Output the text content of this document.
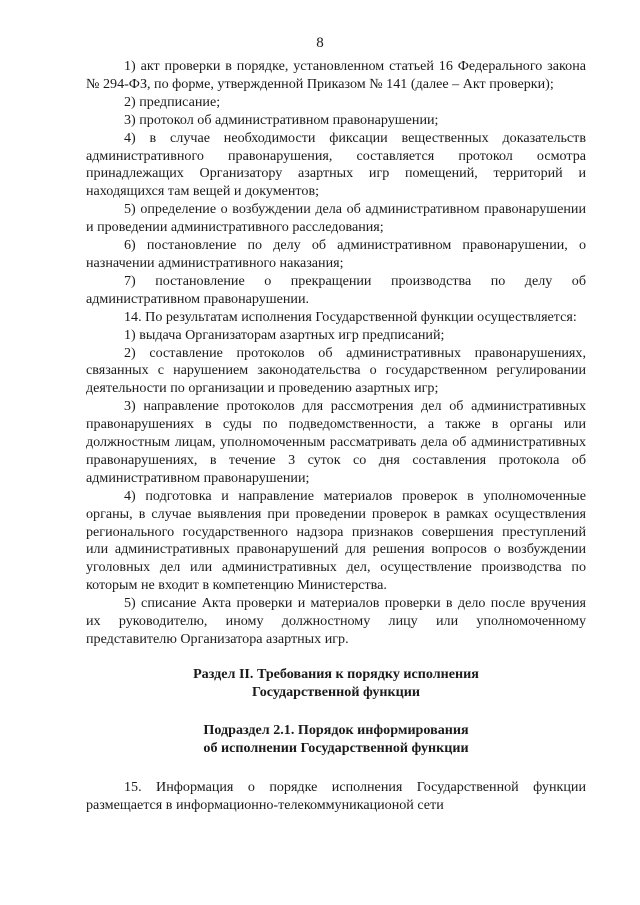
8

1) акт проверки в порядке, установленном статьей 16 Федерального закона № 294-ФЗ, по форме, утвержденной Приказом № 141 (далее – Акт проверки);

2) предписание;

3) протокол об административном правонарушении;

4) в случае необходимости фиксации вещественных доказательств административного правонарушения, составляется протокол осмотра принадлежащих Организатору азартных игр помещений, территорий и находящихся там вещей и документов;

5) определение о возбуждении дела об административном правонарушении и проведении административного расследования;

6) постановление по делу об административном правонарушении, о назначении административного наказания;

7) постановление о прекращении производства по делу об административном правонарушении.

14. По результатам исполнения Государственной функции осуществляется:

1) выдача Организаторам азартных игр предписаний;

2) составление протоколов об административных правонарушениях, связанных с нарушением законодательства о государственном регулировании деятельности по организации и проведению азартных игр;

3) направление протоколов для рассмотрения дел об административных правонарушениях в суды по подведомственности, а также в органы или должностным лицам, уполномоченным рассматривать дела об административных правонарушениях, в течение 3 суток со дня составления протокола об административном правонарушении;

4) подготовка и направление материалов проверок в уполномоченные органы, в случае выявления при проведении проверок в рамках осуществления регионального государственного надзора признаков совершения преступлений или административных правонарушений для решения вопросов о возбуждении уголовных дел или административных дел, осуществление производства по которым не входит в компетенцию Министерства.

5) списание Акта проверки и материалов проверки в дело после вручения их руководителю, иному должностному лицу или уполномоченному представителю Организатора азартных игр.

Раздел II. Требования к порядку исполнения
Государственной функции
Подраздел 2.1. Порядок информирования
об исполнении Государственной функции

15. Информация о порядке исполнения Государственной функции размещается в информационно-телекоммуникационой сети
